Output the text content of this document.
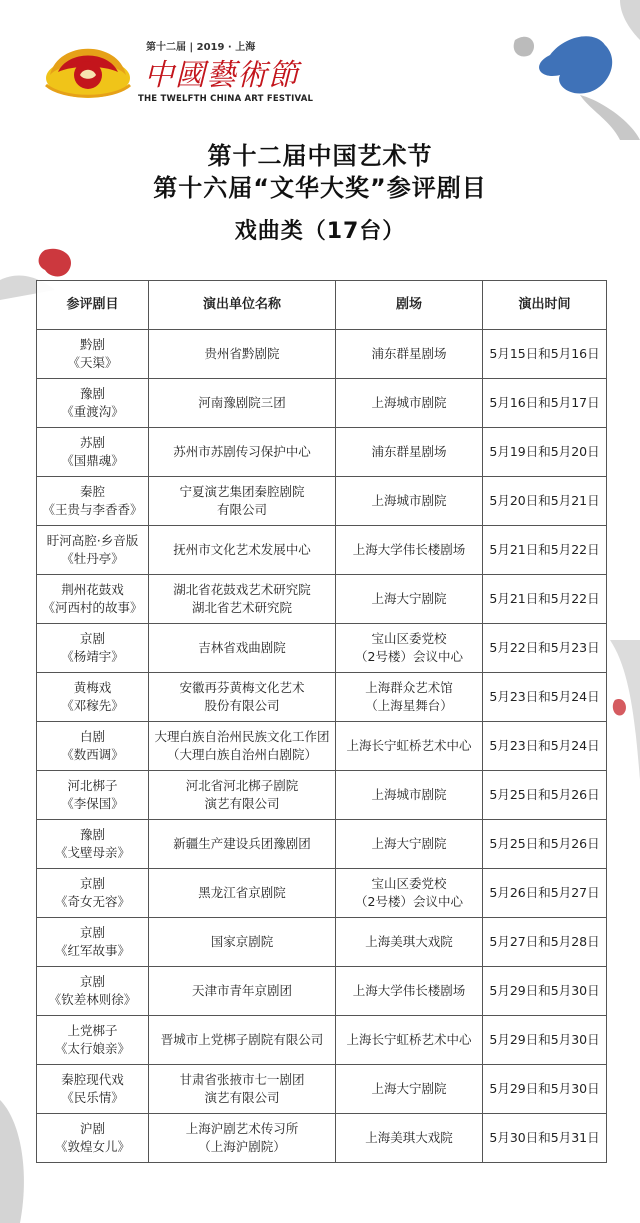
第十二届 | 2019 · 上海
中國藝術節
THE TWELFTH CHINA ART FESTIVAL
第十二届中国艺术节
第十六届“文华大奖”参评剧目
戏曲类（17台）
参评剧目	演出单位名称	剧场	演出时间

黔剧
《天渠》	贵州省黔剧院	浦东群星剧场	5月15日和5月16日

豫剧
《重渡沟》	河南豫剧院三团	上海城市剧院	5月16日和5月17日

苏剧
《国鼎魂》	苏州市苏剧传习保护中心	浦东群星剧场	5月19日和5月20日

秦腔
《王贵与李香香》	宁夏演艺集团秦腔剧院
有限公司	上海城市剧院	5月20日和5月21日

盱河高腔·乡音版
《牡丹亭》	抚州市文化艺术发展中心	上海大学伟长楼剧场	5月21日和5月22日

荆州花鼓戏
《河西村的故事》	湖北省花鼓戏艺术研究院
湖北省艺术研究院	上海大宁剧院	5月21日和5月22日

京剧
《杨靖宇》	吉林省戏曲剧院	宝山区委党校
（2号楼）会议中心	5月22日和5月23日

黄梅戏
《邓稼先》	安徽再芬黄梅文化艺术
股份有限公司	上海群众艺术馆
（上海星舞台）	5月23日和5月24日

白剧
《数西调》	大理白族自治州民族文化工作团
（大理白族自治州白剧院）	上海长宁虹桥艺术中心	5月23日和5月24日

河北梆子
《李保国》	河北省河北梆子剧院
演艺有限公司	上海城市剧院	5月25日和5月26日

豫剧
《戈壁母亲》	新疆生产建设兵团豫剧团	上海大宁剧院	5月25日和5月26日

京剧
《奇女无容》	黑龙江省京剧院	宝山区委党校
（2号楼）会议中心	5月26日和5月27日

京剧
《红军故事》	国家京剧院	上海美琪大戏院	5月27日和5月28日

京剧
《钦差林则徐》	天津市青年京剧团	上海大学伟长楼剧场	5月29日和5月30日

上党梆子
《太行娘亲》	晋城市上党梆子剧院有限公司	上海长宁虹桥艺术中心	5月29日和5月30日

秦腔现代戏
《民乐情》	甘肃省张掖市七一剧团
演艺有限公司	上海大宁剧院	5月29日和5月30日

沪剧
《敦煌女儿》	上海沪剧艺术传习所
（上海沪剧院）	上海美琪大戏院	5月30日和5月31日
